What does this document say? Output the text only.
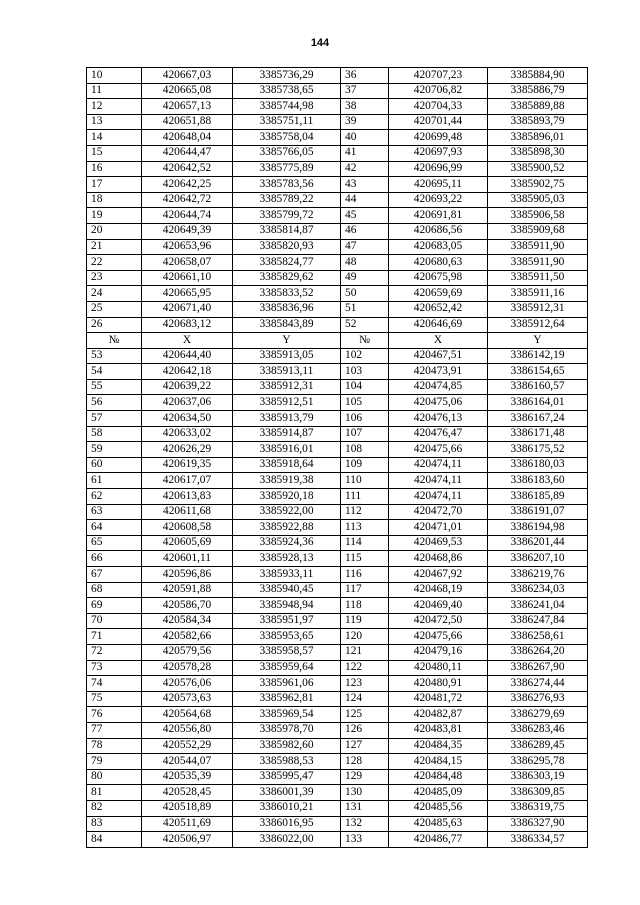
144
10	420667,03	3385736,29	36	420707,23	3385884,90
11	420665,08	3385738,65	37	420706,82	3385886,79
12	420657,13	3385744,98	38	420704,33	3385889,88
13	420651,88	3385751,11	39	420701,44	3385893,79
14	420648,04	3385758,04	40	420699,48	3385896,01
15	420644,47	3385766,05	41	420697,93	3385898,30
16	420642,52	3385775,89	42	420696,99	3385900,52
17	420642,25	3385783,56	43	420695,11	3385902,75
18	420642,72	3385789,22	44	420693,22	3385905,03
19	420644,74	3385799,72	45	420691,81	3385906,58
20	420649,39	3385814,87	46	420686,56	3385909,68
21	420653,96	3385820,93	47	420683,05	3385911,90
22	420658,07	3385824,77	48	420680,63	3385911,90
23	420661,10	3385829,62	49	420675,98	3385911,50
24	420665,95	3385833,52	50	420659,69	3385911,16
25	420671,40	3385836,96	51	420652,42	3385912,31
26	420683,12	3385843,89	52	420646,69	3385912,64
№	X	Y	№	X	Y
53	420644,40	3385913,05	102	420467,51	3386142,19
54	420642,18	3385913,11	103	420473,91	3386154,65
55	420639,22	3385912,31	104	420474,85	3386160,57
56	420637,06	3385912,51	105	420475,06	3386164,01
57	420634,50	3385913,79	106	420476,13	3386167,24
58	420633,02	3385914,87	107	420476,47	3386171,48
59	420626,29	3385916,01	108	420475,66	3386175,52
60	420619,35	3385918,64	109	420474,11	3386180,03
61	420617,07	3385919,38	110	420474,11	3386183,60
62	420613,83	3385920,18	111	420474,11	3386185,89
63	420611,68	3385922,00	112	420472,70	3386191,07
64	420608,58	3385922,88	113	420471,01	3386194,98
65	420605,69	3385924,36	114	420469,53	3386201,44
66	420601,11	3385928,13	115	420468,86	3386207,10
67	420596,86	3385933,11	116	420467,92	3386219,76
68	420591,88	3385940,45	117	420468,19	3386234,03
69	420586,70	3385948,94	118	420469,40	3386241,04
70	420584,34	3385951,97	119	420472,50	3386247,84
71	420582,66	3385953,65	120	420475,66	3386258,61
72	420579,56	3385958,57	121	420479,16	3386264,20
73	420578,28	3385959,64	122	420480,11	3386267,90
74	420576,06	3385961,06	123	420480,91	3386274,44
75	420573,63	3385962,81	124	420481,72	3386276,93
76	420564,68	3385969,54	125	420482,87	3386279,69
77	420556,80	3385978,70	126	420483,81	3386283,46
78	420552,29	3385982,60	127	420484,35	3386289,45
79	420544,07	3385988,53	128	420484,15	3386295,78
80	420535,39	3385995,47	129	420484,48	3386303,19
81	420528,45	3386001,39	130	420485,09	3386309,85
82	420518,89	3386010,21	131	420485,56	3386319,75
83	420511,69	3386016,95	132	420485,63	3386327,90
84	420506,97	3386022,00	133	420486,77	3386334,57
